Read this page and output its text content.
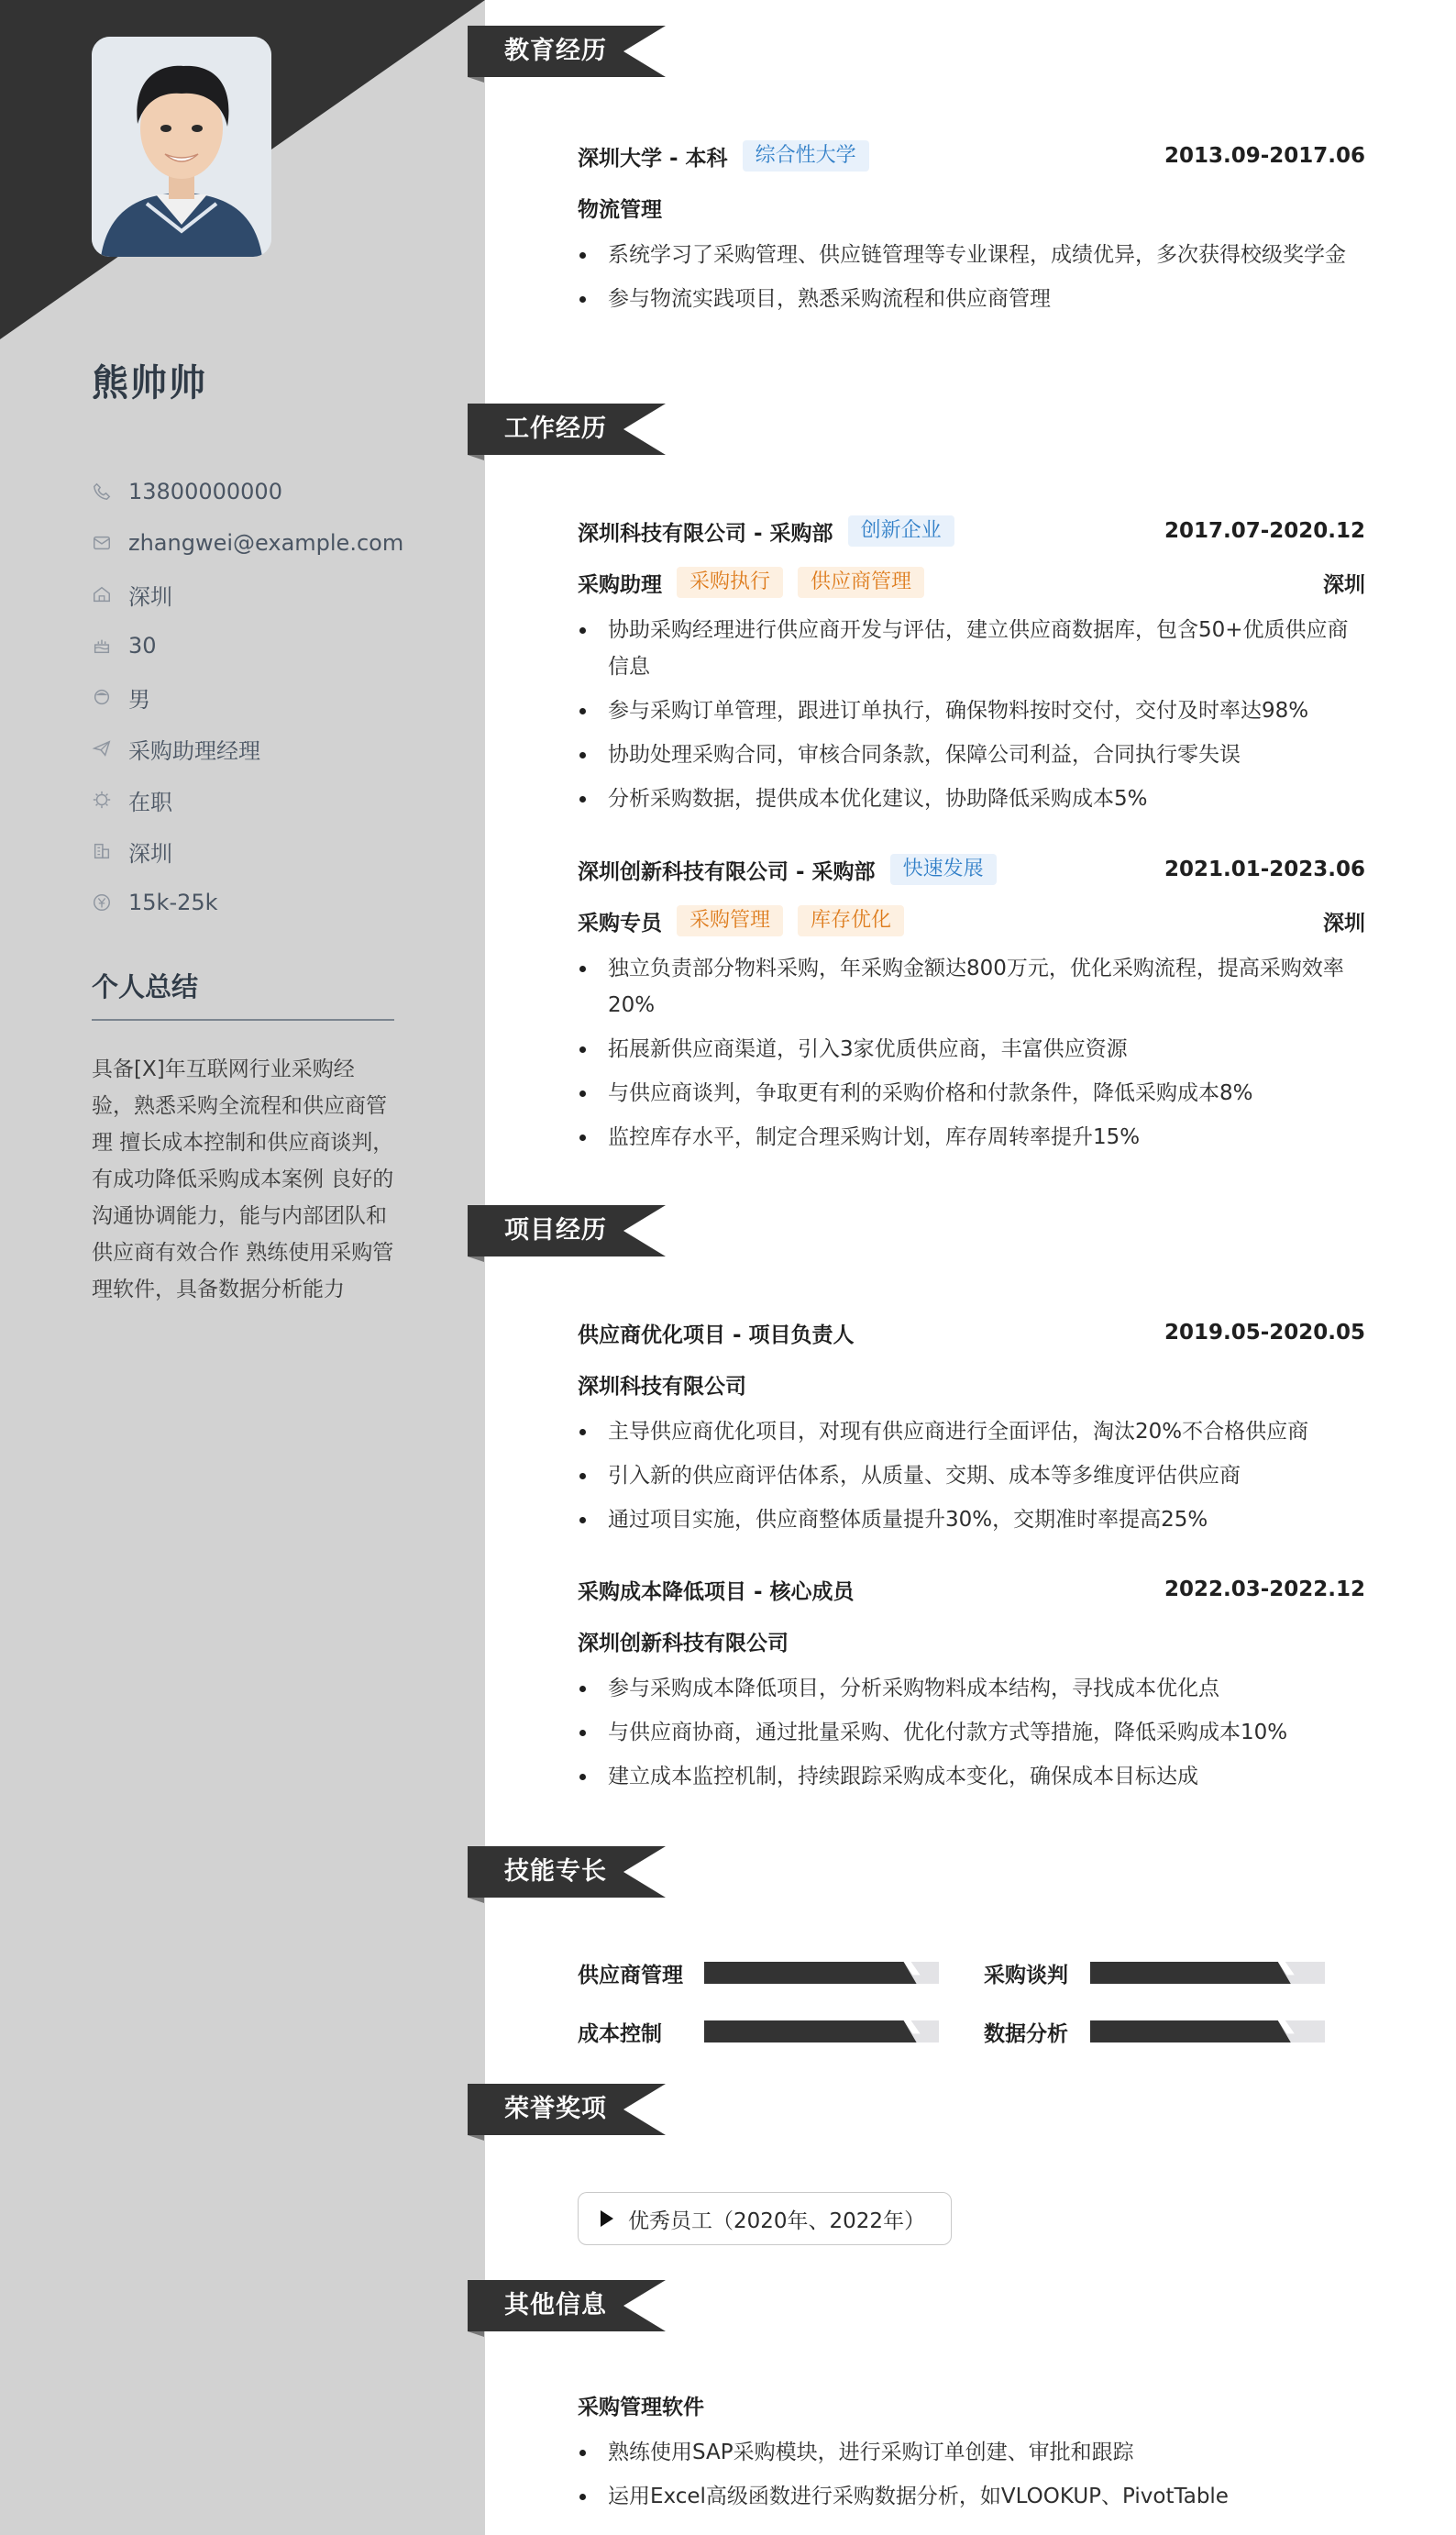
熊帅帅
13800000000
zhangwei@example.com
深圳
30
男
采购助理经理
在职
深圳
15k-25k
个人总结

具备[X]年互联网行业采购经验，熟悉采购全流程和供应商管理 擅长成本控制和供应商谈判，有成功降低采购成本案例 良好的沟通协调能力，能与内部团队和供应商有效合作 熟练使用采购管理软件，具备数据分析能力

教育经历
深圳大学 - 本科	综合性大学	2013.09-2017.06
物流管理
系统学习了采购管理、供应链管理等专业课程，成绩优异，多次获得校级奖学金
参与物流实践项目，熟悉采购流程和供应商管理
工作经历
深圳科技有限公司 - 采购部	创新企业	2017.07-2020.12
采购助理	采购执行	供应商管理	深圳
协助采购经理进行供应商开发与评估，建立供应商数据库，包含50+优质供应商信息
参与采购订单管理，跟进订单执行，确保物料按时交付，交付及时率达98%
协助处理采购合同，审核合同条款，保障公司利益，合同执行零失误
分析采购数据，提供成本优化建议，协助降低采购成本5%
深圳创新科技有限公司 - 采购部	快速发展	2021.01-2023.06
采购专员	采购管理	库存优化	深圳
独立负责部分物料采购，年采购金额达800万元，优化采购流程，提高采购效率20%
拓展新供应商渠道，引入3家优质供应商，丰富供应资源
与供应商谈判，争取更有利的采购价格和付款条件，降低采购成本8%
监控库存水平，制定合理采购计划，库存周转率提升15%
项目经历
供应商优化项目 - 项目负责人	2019.05-2020.05
深圳科技有限公司
主导供应商优化项目，对现有供应商进行全面评估，淘汰20%不合格供应商
引入新的供应商评估体系，从质量、交期、成本等多维度评估供应商
通过项目实施，供应商整体质量提升30%，交期准时率提高25%
采购成本降低项目 - 核心成员	2022.03-2022.12
深圳创新科技有限公司
参与采购成本降低项目，分析采购物料成本结构，寻找成本优化点
与供应商协商，通过批量采购、优化付款方式等措施，降低采购成本10%
建立成本监控机制，持续跟踪采购成本变化，确保成本目标达成
技能专长
供应商管理	采购谈判
成本控制	数据分析
荣誉奖项
优秀员工（2020年、2022年）
其他信息
采购管理软件
熟练使用SAP采购模块，进行采购订单创建、审批和跟踪
运用Excel高级函数进行采购数据分析，如VLOOKUP、PivotTable
